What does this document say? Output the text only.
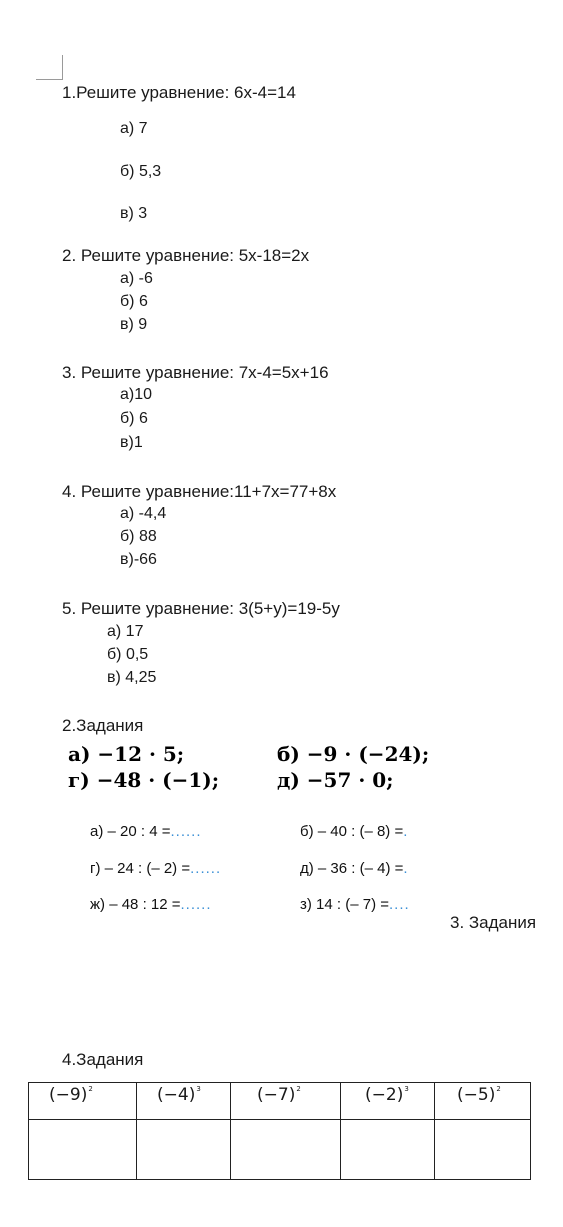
1.Решите уравнение: 6х-4=14
а) 7
б) 5,3
в) 3
2. Решите уравнение: 5х-18=2х
а) -6
б) 6
в) 9
3. Решите уравнение: 7х-4=5х+16
а)10
б) 6
в)1
4. Решите уравнение:11+7х=77+8х
а) -4,4
б) 88
в)-66
5. Решите уравнение: 3(5+у)=19-5у
а) 17
б) 0,5
в) 4,25
2.Задания
а) −12 · 5;	б) −9 · (−24);
г) −48 · (−1);	д) −57 · 0;
а) – 20 : 4 =......	б) – 40 : (– 8) =.
г) – 24 : (– 2) =......	д) – 36 : (– 4) =.
ж) – 48 : 12 =......	з) 14 : (– 7) =....
3. Задания
4.Задания
$(-9)^2$	$(-4)^3$	$(-7)^2$	$(-2)^3$	$(-5)^2$
